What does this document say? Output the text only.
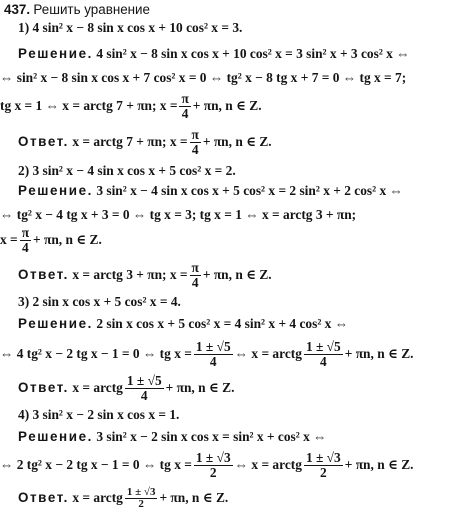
437. Решить уравнение
1) 4 sin² x − 8 sin x cos x + 10 cos² x = 3.
Решение. 4 sin² x − 8 sin x cos x + 10 cos² x = 3 sin² x + 3 cos² x ⇔
⇔ sin² x − 8 sin x cos x + 7 cos² x = 0 ⇔ tg² x − 8 tg x + 7 = 0 ⇔ tg x = 7;
tg x = 1 ⇔ x = arctg 7 + πn; $x = \frac{\pi}{4} + \pi n$, n ∈ Z.
Ответ.
x = arctg 7 + πn; $x = \frac{\pi}{4} + \pi n$, n ∈ Z.
2) 3 sin² x − 4 sin x cos x + 5 cos² x = 2.
Решение. 3 sin² x − 4 sin x cos x + 5 cos² x = 2 sin² x + 2 cos² x ⇔
⇔ tg² x − 4 tg x + 3 = 0 ⇔ tg x = 3; tg x = 1 ⇔ x = arctg 3 + πn;
$x = \frac{\pi}{4} + \pi n$, n ∈ Z.
Ответ.
x = arctg 3 + πn; $x = \frac{\pi}{4} + \pi n$, n ∈ Z.
3) 2 sin x cos x + 5 cos² x = 4.
Решение. 2 sin x cos x + 5 cos² x = 4 sin² x + 4 cos² x ⇔
⇔ 4 tg² x − 2 tg x − 1 = 0 ⇔ tg $x = \frac{1 \pm √5}{4}$ ⇔ x = arctg $\frac{1 \pm √5}{4} + \pi n$, n ∈ Z.
Ответ.
x = arctg $\frac{1 \pm √5}{4} + \pi n$, n ∈ Z.
4) 3 sin² x − 2 sin x cos x = 1.
Решение. 3 sin² x − 2 sin x cos x = sin² x + cos² x ⇔
⇔ 2 tg² x − 2 tg x − 1 = 0 ⇔ tg $x = \frac{1 \pm √3}{2}$ ⇔ x = arctg $\frac{1 \pm √3}{2} + \pi n$, n ∈ Z.
Ответ.
x = arctg $\frac{1 \pm √3}{2} + \pi n$, n ∈ Z.
